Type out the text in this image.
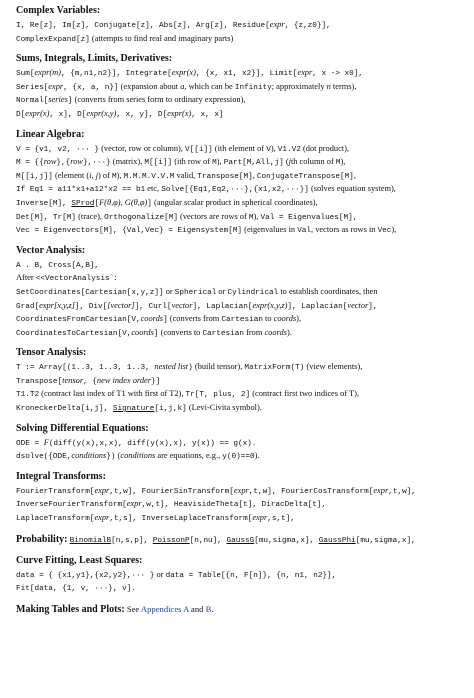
Complex Variables:
I, Re[z], Im[z], Conjugate[z], Abs[z], Arg[z], Residue[expr, {z,z0}],
ComplexExpand[z] (attempts to find real and imaginary parts)
Sums, Integrals, Limits, Derivatives:
Sum[expr(m), {m,n1,n2}], Integrate[expr(x), {x, x1, x2}], Limit[expr, x -> x0],
Series[expr, {x, a, n}] (expansion about a, which can be Infinity; approximately n terms),
Normal[series] (converts from series form to ordinary expression),
D[expr(x), x], D[expr(x,y), x, y], D[expr(x), x, x]
Linear Algebra:
V = {v1, v2, ··· } (vector, row or column), V[[i]] (ith element of V), V1.V2 (dot product),
M = {{row},{row},···} (matrix), M[[i]] (ith row of M), Part[M,All,j] (jth column of M),
M[[i,j]] (element (i, j) of M), M.M.M.V.V.M valid, Transpose[M], ConjugateTranspose[M],
If Eq1 = a11*x1+a12*x2 == b1 etc, Solve[{Eq1,Eq2,···},{x1,x2,···}] (solves equation system),
Inverse[M], SProd[F(θ,φ), G(θ,φ)] (angular scalar product in spherical coordinates),
Det[M], Tr[M] (trace), Orthogonalize[M] (vectors are rows of M), Val = Eigenvalues[M],
Vec = Eigenvectors[M], {Val,Vec} = Eigensystem[M] (eigenvalues in Val, vectors as rows in Vec),
Vector Analysis:
A . B, Cross[A,B],
After <<VectorAnalysis`:
SetCoordinates[Cartesian[x,y,z]] or Spherical or Cylindrical to establish coordinates, then
Grad[expr[x,y,z]], Div[[vector]], Curl[vector], Laplacian[expr(x,y,z)], Laplacian[vector],
CoordinatesFromCartesian[V,coords] (converts from Cartesian to coords),
CoordinatesToCartesian[V,coords] (converts to Cartesian from coords).
Tensor Analysis:
T := Array[(1..3, 1..3, 1..3, nested list) (build tensor), MatrixForm(T) (view elements),
Transpose[tensor, {new index order}]
T1.T2 (contract last index of T1 with first of T2), Tr[T, plus, 2] (contract first two indices of T),
KroneckerDelta[i,j], Signature[i,j,k] (Levi-Civita symbol).
Solving Differential Equations:
ODE = F(diff(y(x),x,x), diff(y(x),x), y(x)) == g(x).
dsolve({ODE,conditions}) (conditions are equations, e.g., y(0)==0).
Integral Transforms:
FourierTransform[expr,t,w], FourierSinTransform[expr,t,w], FourierCosTransform[expr,t,w],
InverseFourierTransform[expr,w,t], HeavisideTheta[t], DiracDelta[t],
LaplaceTransform[expr,t,s], InverseLaplaceTransform[expr,s,t],
Probability: BinomialB[n,s,p], PoissonP[n,nu], GaussG[mu,sigma,x], GaussPhi[mu,sigma,x],
Curve Fitting, Least Squares:
data = { {x1,y1},{x2,y2},··· } or data = Table[{n, F[n]}, {n, n1, n2}],
Fit[data, {1, v, ···}, v].
Making Tables and Plots: See Appendices A and B.
